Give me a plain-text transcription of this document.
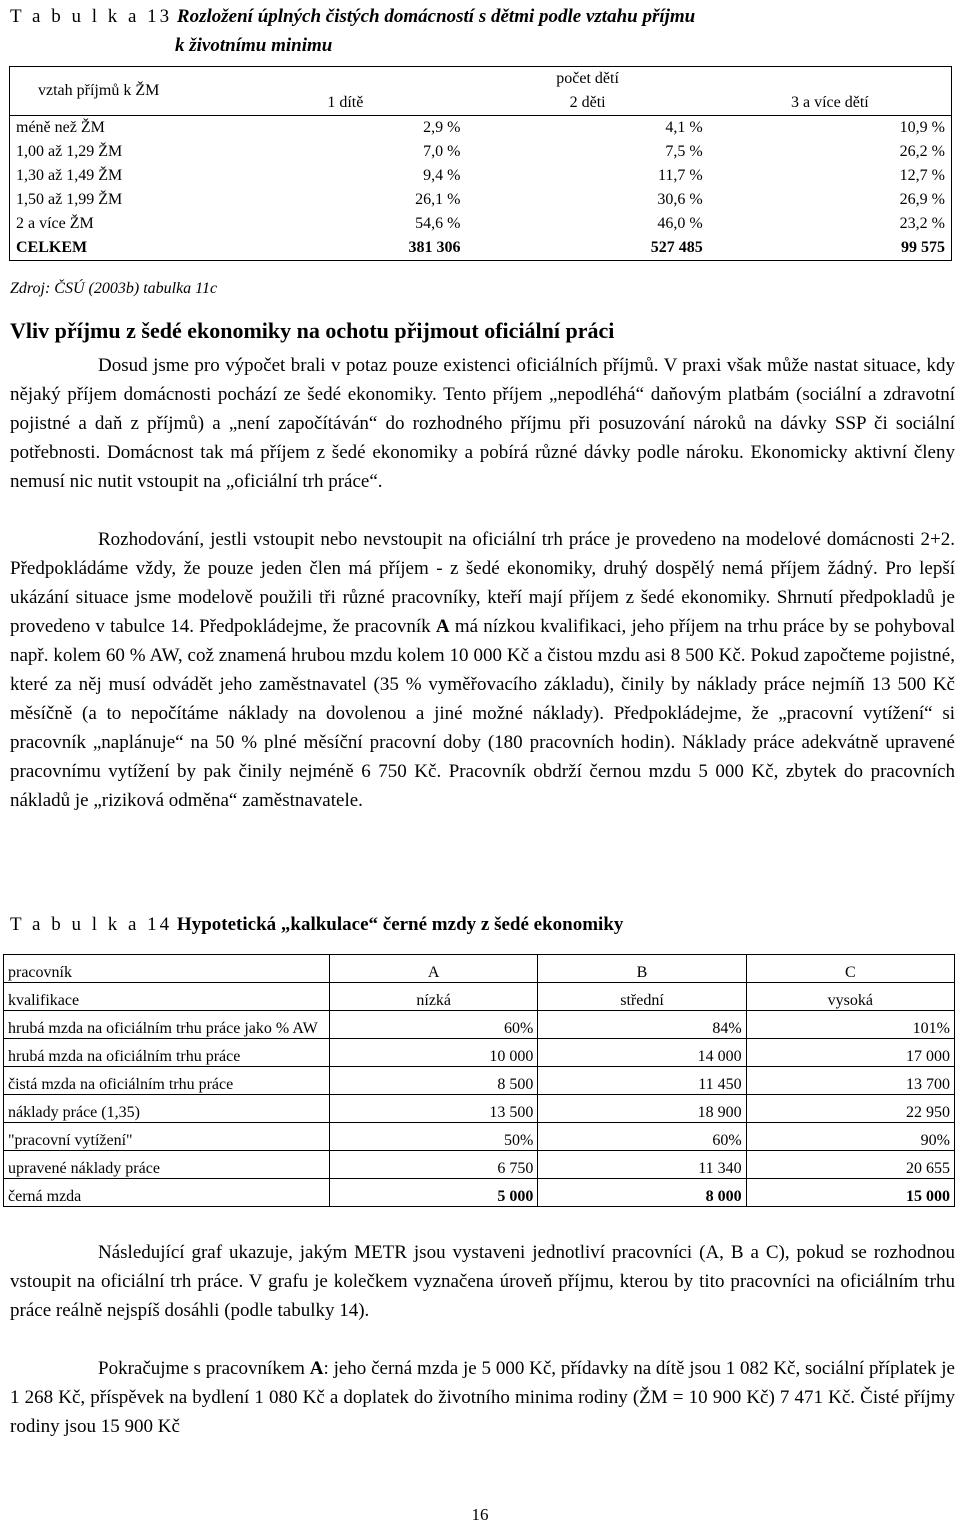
T a b u l k a 13 Rozložení úplných čistých domácností s dětmi podle vztahu příjmu
k životnímu minimu
vztah příjmů k ŽM	počet dětí		
	1 dítě	2 děti	3 a více dětí
méně než ŽM	2,9 %	4,1 %	10,9 %
1,00 až 1,29 ŽM	7,0 %	7,5 %	26,2 %
1,30 až 1,49 ŽM	9,4 %	11,7 %	12,7 %
1,50 až 1,99 ŽM	26,1 %	30,6 %	26,9 %
2 a více ŽM	54,6 %	46,0 %	23,2 %
CELKEM	381 306	527 485	99 575
Zdroj: ČSÚ (2003b) tabulka 11c
Vliv příjmu z šedé ekonomiky na ochotu přijmout oficiální práci
Dosud jsme pro výpočet brali v potaz pouze existenci oficiálních příjmů. V praxi však může nastat situace, kdy nějaký příjem domácnosti pochází ze šedé ekonomiky. Tento příjem „nepodléhá“ daňovým platbám (sociální a zdravotní pojistné a daň z příjmů) a „není započítáván“ do rozhodného příjmu při posuzování nároků na dávky SSP či sociální potřebnosti. Domácnost tak má příjem z šedé ekonomiky a pobírá různé dávky podle nároku. Ekonomicky aktivní členy nemusí nic nutit vstoupit na „oficiální trh práce“.
Rozhodování, jestli vstoupit nebo nevstoupit na oficiální trh práce je provedeno na modelové domácnosti 2+2. Předpokládáme vždy, že pouze jeden člen má příjem - z šedé ekonomiky, druhý dospělý nemá příjem žádný. Pro lepší ukázání situace jsme modelově použili tři různé pracovníky, kteří mají příjem z šedé ekonomiky. Shrnutí předpokladů je provedeno v tabulce 14. Předpokládejme, že pracovník A má nízkou kvalifikaci, jeho příjem na trhu práce by se pohyboval např. kolem 60 % AW, což znamená hrubou mzdu kolem 10 000 Kč a čistou mzdu asi 8 500 Kč. Pokud započteme pojistné, které za něj musí odvádět jeho zaměstnavatel (35 % vyměřovacího základu), činily by náklady práce nejmíň 13 500 Kč měsíčně (a to nepočítáme náklady na dovolenou a jiné možné náklady). Předpokládejme, že „pracovní vytížení“ si pracovník „naplánuje“ na 50 % plné měsíční pracovní doby (180 pracovních hodin). Náklady práce adekvátně upravené pracovnímu vytížení by pak činily nejméně 6 750 Kč. Pracovník obdrží černou mzdu 5 000 Kč, zbytek do pracovních nákladů je „riziková odměna“ zaměstnavatele.
T a b u l k a 14 Hypotetická „kalkulace“ černé mzdy z šedé ekonomiky
pracovník	A	B	C
kvalifikace	nízká	střední	vysoká
hrubá mzda na oficiálním trhu práce jako % AW	60%	84%	101%
hrubá mzda na oficiálním trhu práce	10 000	14 000	17 000
čistá mzda na oficiálním trhu práce	8 500	11 450	13 700
náklady práce (1,35)	13 500	18 900	22 950
"pracovní vytížení"	50%	60%	90%
upravené náklady práce	6 750	11 340	20 655
černá mzda	5 000	8 000	15 000
Následující graf ukazuje, jakým METR jsou vystaveni jednotliví pracovníci (A, B a C), pokud se rozhodnou vstoupit na oficiální trh práce. V grafu je kolečkem vyznačena úroveň příjmu, kterou by tito pracovníci na oficiálním trhu práce reálně nejspíš dosáhli (podle tabulky 14).
Pokračujme s pracovníkem A: jeho černá mzda je 5 000 Kč, přídavky na dítě jsou 1 082 Kč, sociální příplatek je 1 268 Kč, příspěvek na bydlení 1 080 Kč a doplatek do životního minima rodiny (ŽM = 10 900 Kč) 7 471 Kč. Čisté příjmy rodiny jsou 15 900 Kč
16
